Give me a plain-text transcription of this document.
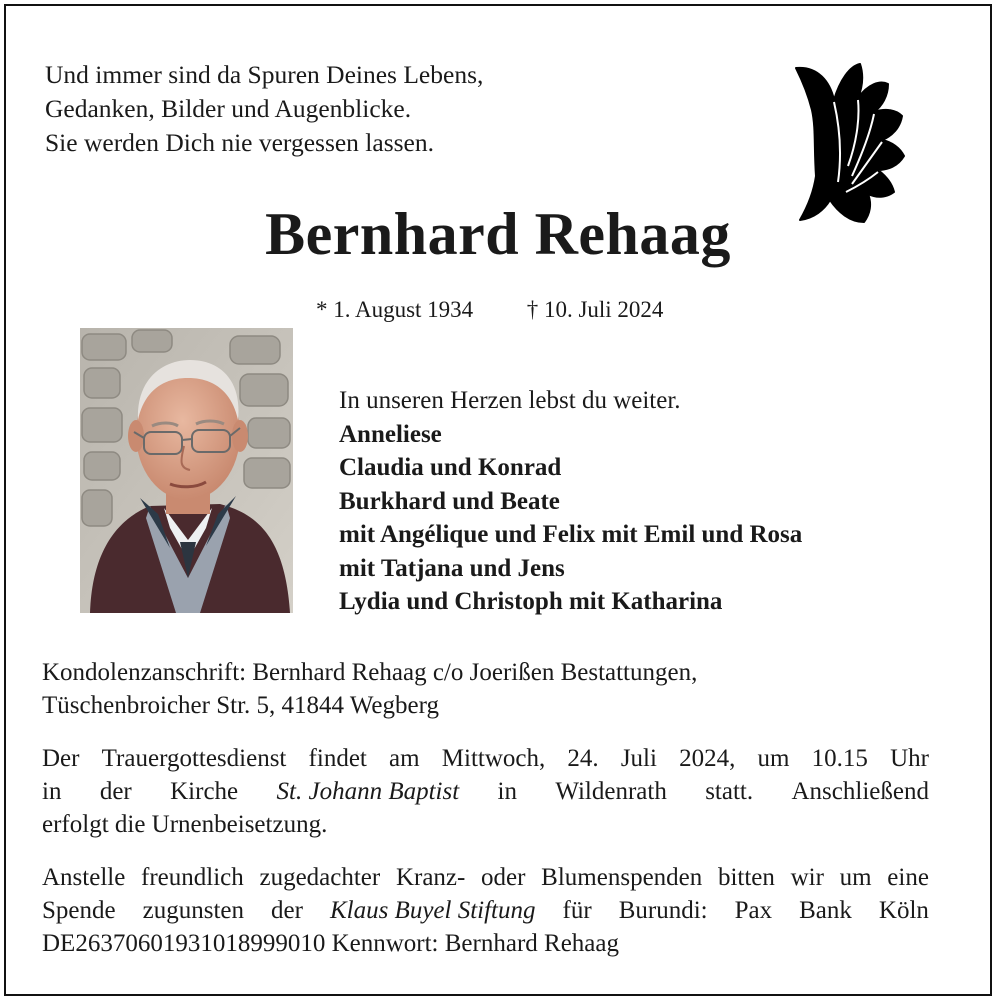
Und immer sind da Spuren Deines Lebens,
Gedanken, Bilder und Augenblicke.
Sie werden Dich nie vergessen lassen.
Bernhard Rehaag
* 1. August 1934 † 10. Juli 2024
In unseren Herzen lebst du weiter.
Anneliese
Claudia und Konrad
Burkhard und Beate
mit Angélique und Felix mit Emil und Rosa
mit Tatjana und Jens
Lydia und Christoph mit Katharina
Kondolenzanschrift: Bernhard Rehaag c/o Joerißen Bestattungen,
Tüschenbroicher Str. 5, 41844 Wegberg
Der Trauergottesdienst findet am Mittwoch, 24. Juli 2024, um 10.15 Uhr
in der Kirche St. Johann Baptist in Wildenrath statt. Anschließend
erfolgt die Urnenbeisetzung.
Anstelle freundlich zugedachter Kranz- oder Blumenspenden bitten wir um eine
Spende zugunsten der Klaus Buyel Stiftung für Burundi: Pax Bank Köln
DE26370601931018999010 Kennwort: Bernhard Rehaag
